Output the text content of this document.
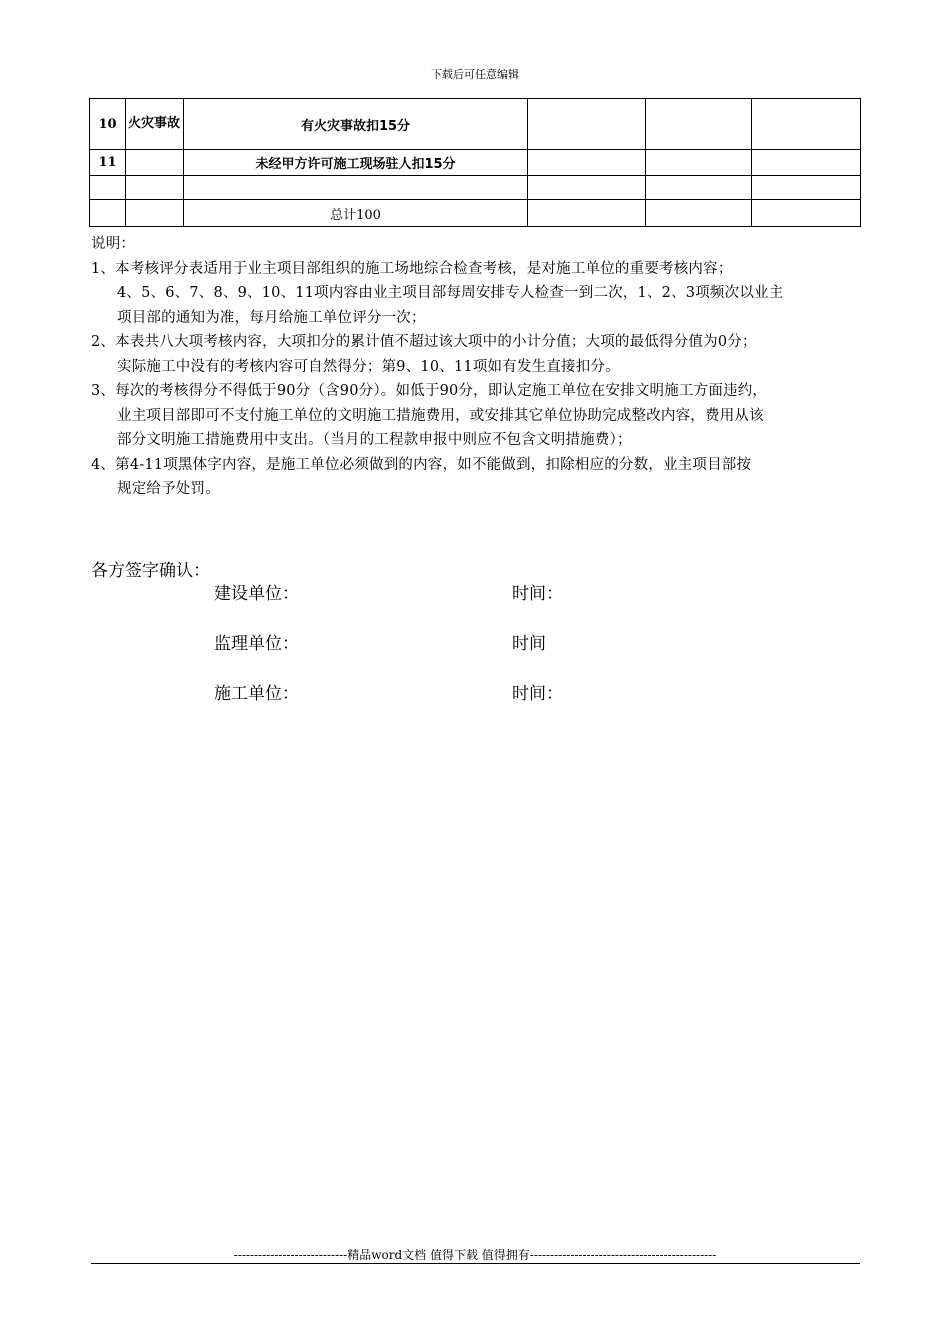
下载后可任意编辑
10	火灾事故	有火灾事故扣15分			
11		未经甲方许可施工现场驻人扣15分			

		总计100			

说明：

1、本考核评分表适用于业主项目部组织的施工场地综合检查考核，是对施工单位的重要考核内容；

4、5、6、7、8、9、10、11项内容由业主项目部每周安排专人检查一到二次，1、2、3项频次以业主

项目部的通知为准，每月给施工单位评分一次；

2、本表共八大项考核内容，大项扣分的累计值不超过该大项中的小计分值；大项的最低得分值为0分；

实际施工中没有的考核内容可自然得分；第9、10、11项如有发生直接扣分。

3、每次的考核得分不得低于90分（含90分）。如低于90分，即认定施工单位在安排文明施工方面违约，

业主项目部即可不支付施工单位的文明施工措施费用，或安排其它单位协助完成整改内容，费用从该

部分文明施工措施费用中支出。（当月的工程款申报中则应不包含文明措施费）；

4、第4-11项黑体字内容，是施工单位必须做到的内容，如不能做到，扣除相应的分数，业主项目部按

规定给予处罚。

各方签字确认：
建设单位：	时间：
监理单位：	时间
施工单位：	时间：
----------------------------精品word文档 值得下载 值得拥有----------------------------------------------
